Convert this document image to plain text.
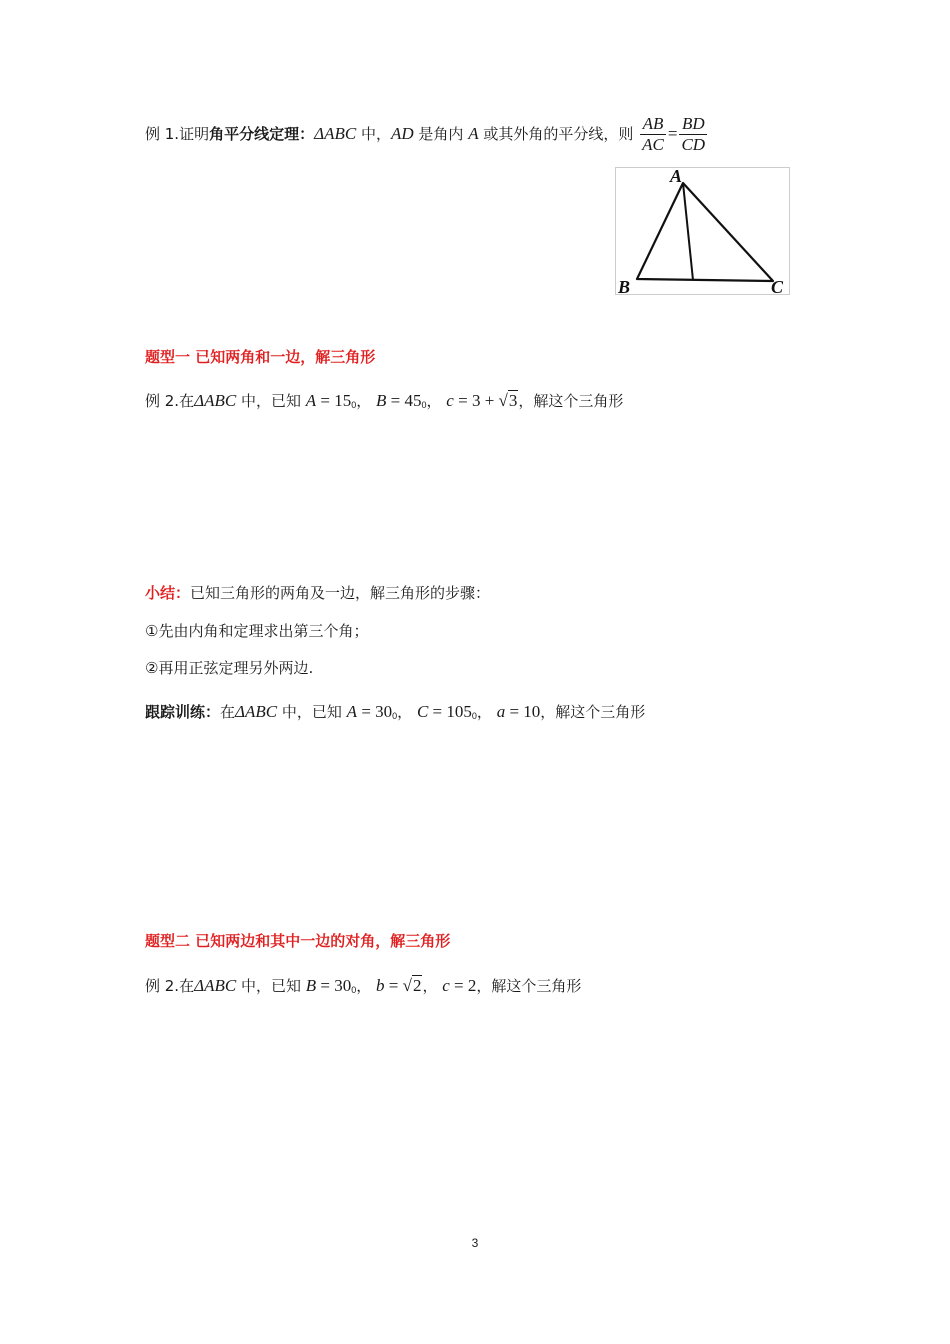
例 1.证明角平分线定理：ΔABC 中，AD 是角内 A 或其外角的平分线，则 $\frac{AB}{AC} = \frac{BD}{CD}$
A
B	C
题型一 已知两角和一边，解三角形
例 2.在ΔABC 中，已知 $A = 15_0$， $B = 45_0$， c = 3 + √3，解这个三角形
小结：已知三角形的两角及一边，解三角形的步骤：
①先由内角和定理求出第三个角；
②再用正弦定理另外两边.
跟踪训练：在ΔABC 中，已知 $A = 30_0$， $C = 105_0$， a = 10，解这个三角形
题型二 已知两边和其中一边的对角，解三角形
例 2.在ΔABC 中，已知 $B = 30_0$， b = √2， c = 2，解这个三角形
3
